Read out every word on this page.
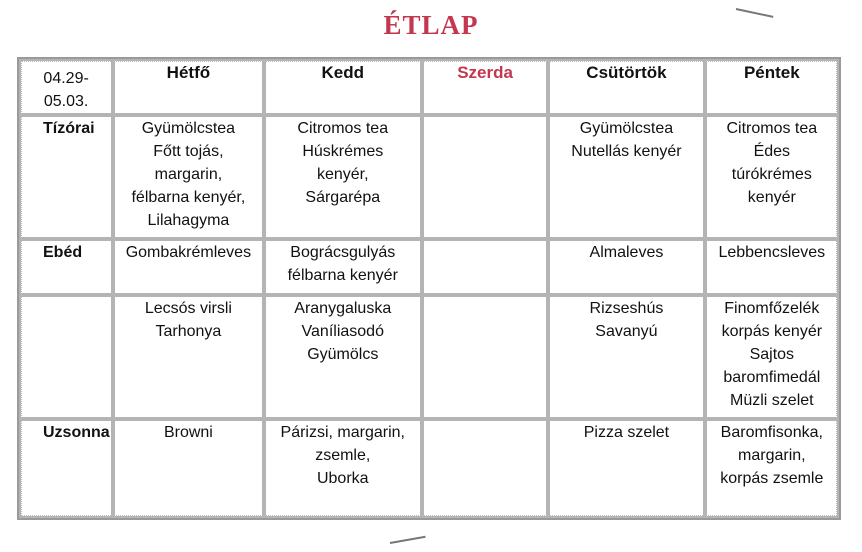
ÉTLAP
04.29-
05.03.	Hétfő	Kedd	Szerda	Csütörtök	Péntek
Tízórai	Gyümölcstea
Főtt tojás,
margarin,
félbarna kenyér,
Lilahagyma	Citromos tea
Húskrémes
kenyér,
Sárgarépa		Gyümölcstea
Nutellás kenyér	Citromos tea
Édes
túrókrémes
kenyér

Ebéd	Gombakrémleves	Bográcsgulyás
félbarna kenyér		Almaleves	Lebbencsleves

	Lecsós virsli
Tarhonya	Aranygaluska
Vaníliasodó
Gyümölcs		Rizseshús
Savanyú	Finomfőzelék
korpás kenyér
Sajtos
baromfimedál
Müzli szelet

Uzsonna	Browni	Párizsi, margarin,
zsemle,
Uborka		Pizza szelet	Baromfisonka,
margarin,
korpás zsemle
